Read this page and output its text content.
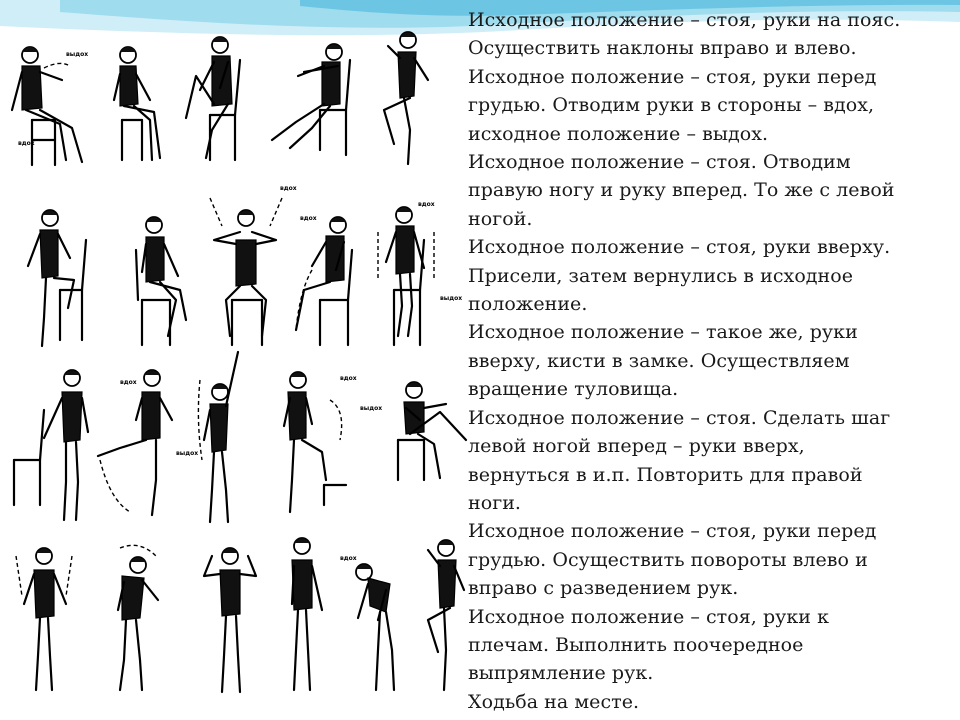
выдох
вдох
вдох
вдох
вдох
выдох
вдох
выдох
вдох
выдох
вдох
Исходное положение – стоя, руки на пояс.
Осуществить наклоны вправо и влево.
Исходное положение – стоя, руки перед
грудью. Отводим руки в стороны – вдох,
исходное положение – выдох.
Исходное положение – стоя. Отводим
правую ногу и руку вперед. То же с левой
ногой.
Исходное положение – стоя, руки вверху.
Присели, затем вернулись в исходное
положение.
Исходное положение – такое же, руки
вверху, кисти в замке. Осуществляем
вращение туловища.
Исходное положение – стоя. Сделать шаг
левой ногой вперед – руки вверх,
вернуться в и.п. Повторить для правой
ноги.
Исходное положение – стоя, руки перед
грудью. Осуществить повороты влево и
вправо с разведением рук.
Исходное положение – стоя, руки к
плечам. Выполнить поочередное
выпрямление рук.
Ходьба на месте.
